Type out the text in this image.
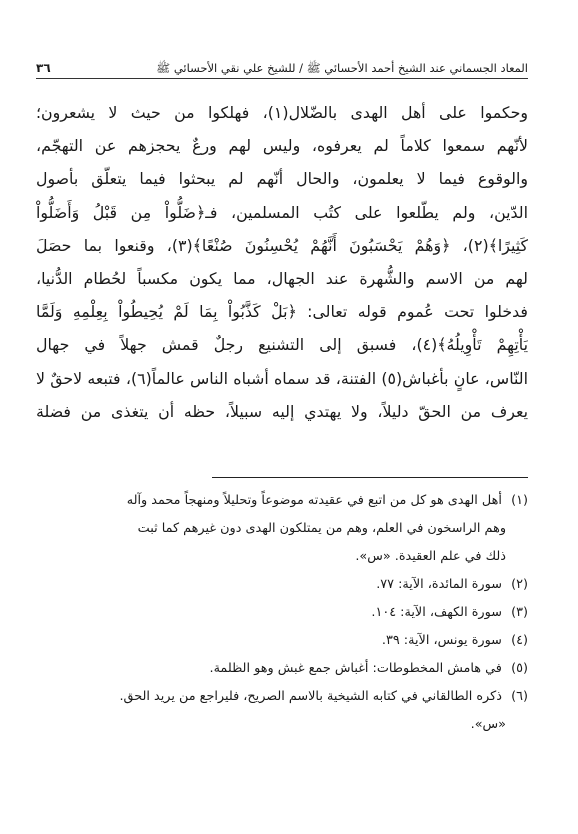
المعاد الجسماني عند الشيخ أحمد الأحسائي ﷺ / للشيخ علي نقي الأحسائي ﷺ
٣٦
وحكموا على أهل الهدى بالضّلال(١)، فهلكوا من حيث لا يشعرون؛
لأنّهم سمعوا كلاماً لم يعرفوه، وليس لهم ورعٌ يحجزهم عن التهجّم،
والوقوع فيما لا يعلمون، والحال أنّهم لم يبحثوا فيما يتعلّق بأصول
الدّين، ولم يطّلعوا على كتُب المسلمين، فـ﴿ضَلُّواْ مِن قَبْلُ وَأَضَلُّواْ
كَثِيرًا﴾(٢)، ﴿وَهُمْ يَحْسَبُونَ أَنَّهُمْ يُحْسِنُونَ صُنْعًا﴾(٣)، وقنعوا بما حصَلَ
لهم من الاسم والشُّهرة عند الجهال، مما يكون مكسباً لحُطام الدُّنيا،
فدخلوا تحت عُموم قوله تعالى: ﴿بَلْ كَذَّبُواْ بِمَا لَمْ يُحِيطُواْ بِعِلْمِهِ وَلَمَّا
يَأْتِهِمْ تَأْوِيلُهُ﴾(٤)، فسبق إلى التشنيع رجلٌ قمش جهلاً في جهال
النّاس، عانٍ بأغباش(٥) الفتنة، قد سماه أشباه الناس عالماً(٦)، فتبعه لاحقٌ لا
يعرف من الحقّ دليلاً، ولا يهتدي إليه سبيلاً، حظه أن يتغذى من فضلة
(١) أهل الهدى هو كل من اتبع في عقيدته موضوعاً وتحليلاً ومنهجاً محمد وآله
وهم الراسخون في العلم، وهم من يمتلكون الهدى دون غيرهم كما ثبت
ذلك في علم العقيدة. «س».
(٢) سورة المائدة، الآية: ٧٧.
(٣) سورة الكهف، الآية: ١٠٤.
(٤) سورة يونس، الآية: ٣٩.
(٥) في هامش المخطوطات: أغباش جمع غبش وهو الظلمة.
(٦) ذكره الطالقاني في كتابه الشيخية بالاسم الصريح، فليراجع من يريد الحق.
«س».
